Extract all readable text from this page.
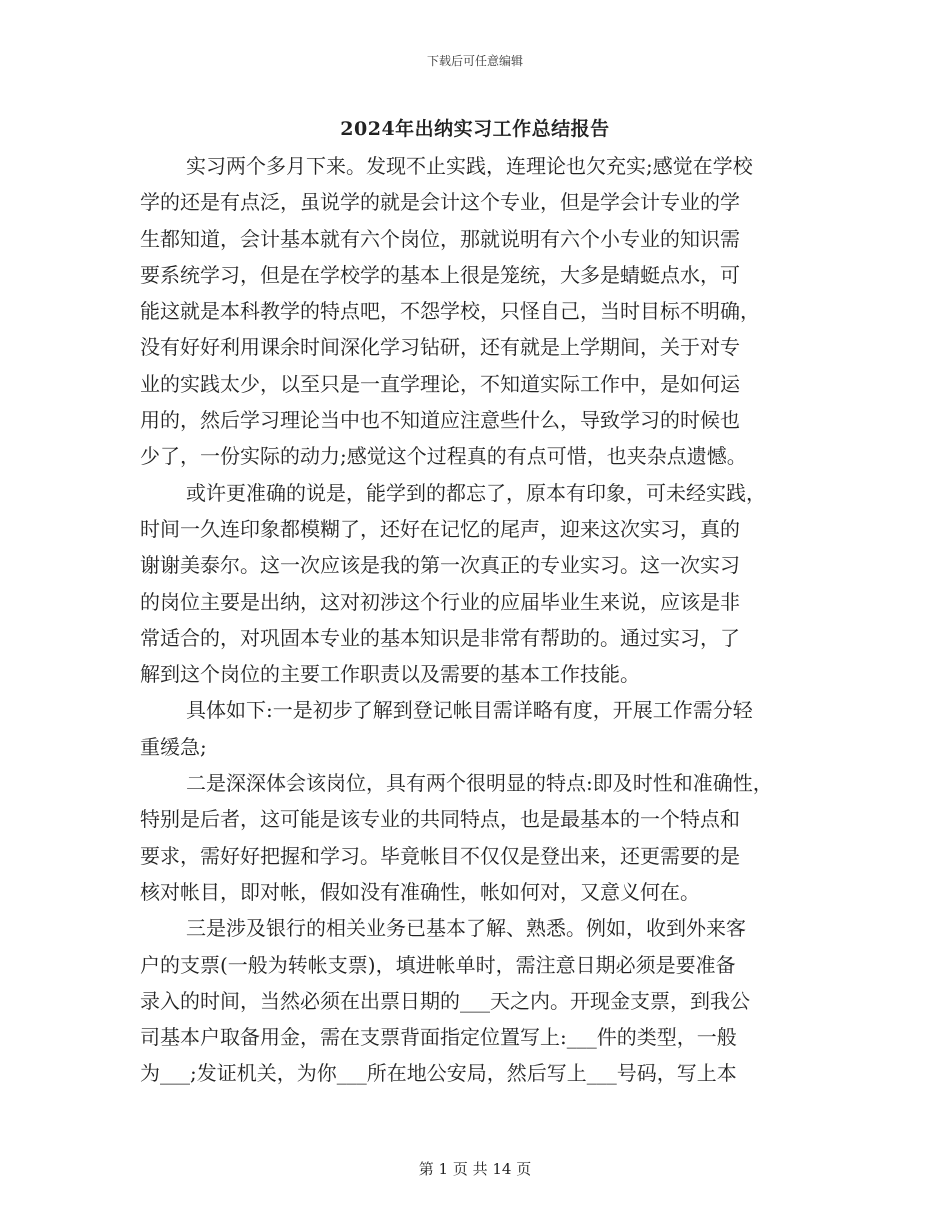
下载后可任意编辑
2024年出纳实习工作总结报告
实习两个多月下来。发现不止实践，连理论也欠充实;感觉在学校
学的还是有点泛，虽说学的就是会计这个专业，但是学会计专业的学
生都知道，会计基本就有六个岗位，那就说明有六个小专业的知识需
要系统学习，但是在学校学的基本上很是笼统，大多是蜻蜓点水，可
能这就是本科教学的特点吧，不怨学校，只怪自己，当时目标不明确，
没有好好利用课余时间深化学习钻研，还有就是上学期间，关于对专
业的实践太少，以至只是一直学理论，不知道实际工作中，是如何运
用的，然后学习理论当中也不知道应注意些什么，导致学习的时候也
少了，一份实际的动力;感觉这个过程真的有点可惜，也夹杂点遗憾。
或许更准确的说是，能学到的都忘了，原本有印象，可未经实践，
时间一久连印象都模糊了，还好在记忆的尾声，迎来这次实习，真的
谢谢美泰尔。这一次应该是我的第一次真正的专业实习。这一次实习
的岗位主要是出纳，这对初涉这个行业的应届毕业生来说，应该是非
常适合的，对巩固本专业的基本知识是非常有帮助的。通过实习，了
解到这个岗位的主要工作职责以及需要的基本工作技能。
具体如下:一是初步了解到登记帐目需详略有度，开展工作需分轻
重缓急;
二是深深体会该岗位，具有两个很明显的特点:即及时性和准确性，
特别是后者，这可能是该专业的共同特点，也是最基本的一个特点和
要求，需好好把握和学习。毕竟帐目不仅仅是登出来，还更需要的是
核对帐目，即对帐，假如没有准确性，帐如何对，又意义何在。
三是涉及银行的相关业务已基本了解、熟悉。例如，收到外来客
户的支票(一般为转帐支票)，填进帐单时，需注意日期必须是要准备
录入的时间，当然必须在出票日期的___天之内。开现金支票，到我公
司基本户取备用金，需在支票背面指定位置写上:___件的类型，一般
为___;发证机关，为你___所在地公安局，然后写上___号码，写上本
第 1 页 共 14 页
